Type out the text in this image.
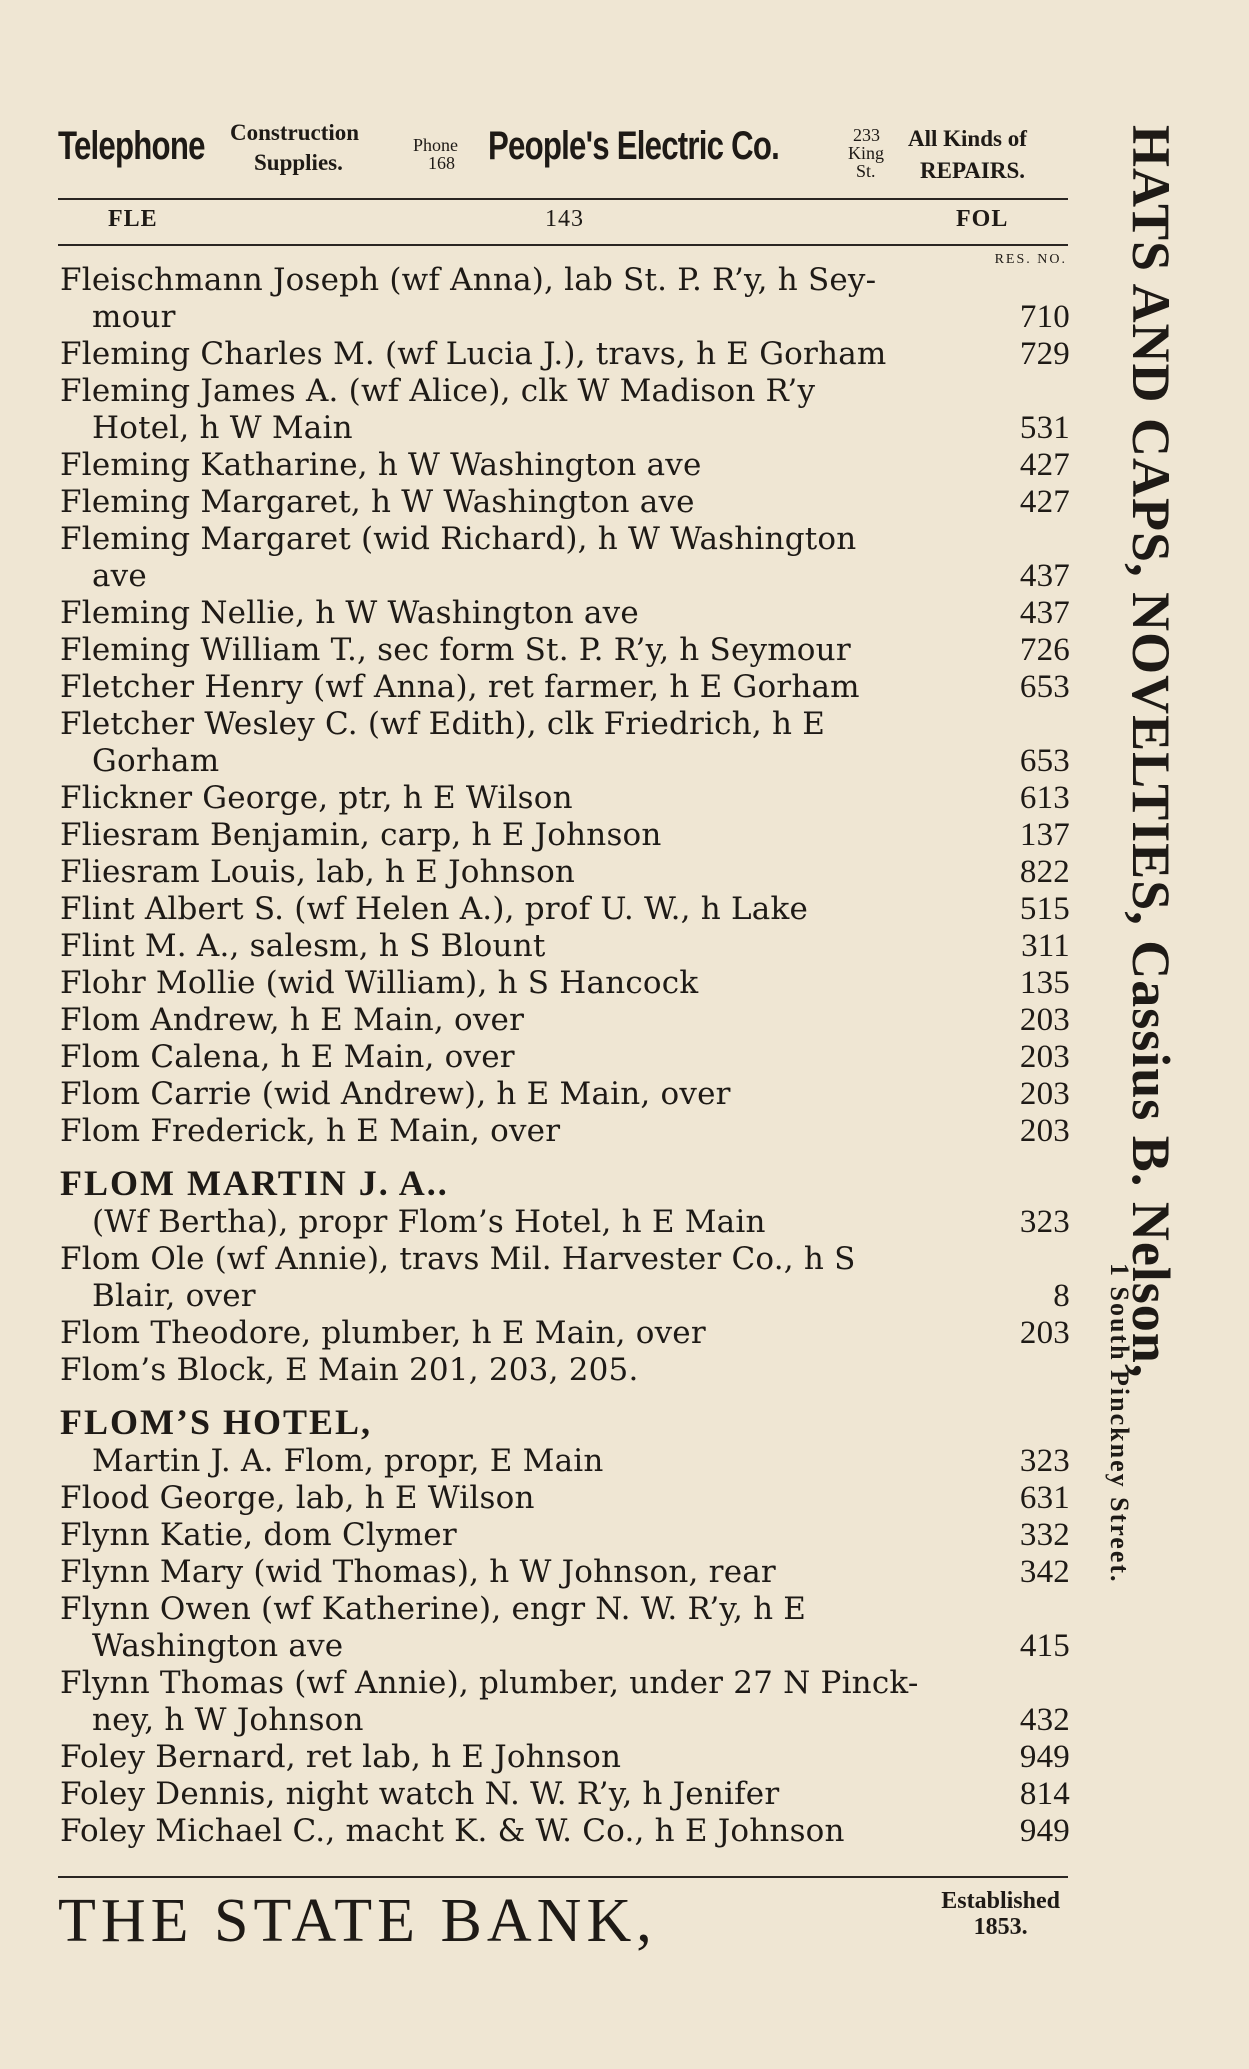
Telephone Construction
Supplies.
Phone
168 People's Electric Co.	233
King
St.
All Kinds of
REPAIRS.
FLE	143	FOL
RES. NO.
Fleischmann Joseph (wf Anna), lab St. P. R’y, h Sey-
mour	710
Fleming Charles M. (wf Lucia J.), travs, h E Gorham	729
Fleming James A. (wf Alice), clk W Madison R’y
Hotel, h W Main	531
Fleming Katharine, h W Washington ave	427
Fleming Margaret, h W Washington ave	427
Fleming Margaret (wid Richard), h W Washington
ave	437
Fleming Nellie, h W Washington ave	437
Fleming William T., sec form St. P. R’y, h Seymour	726
Fletcher Henry (wf Anna), ret farmer, h E Gorham	653
Fletcher Wesley C. (wf Edith), clk Friedrich, h E
Gorham	653
Flickner George, ptr, h E Wilson	613
Fliesram Benjamin, carp, h E Johnson	137
Fliesram Louis, lab, h E Johnson	822
Flint Albert S. (wf Helen A.), prof U. W., h Lake	515
Flint M. A., salesm, h S Blount	311
Flohr Mollie (wid William), h S Hancock	135
Flom Andrew, h E Main, over	203
Flom Calena, h E Main, over	203
Flom Carrie (wid Andrew), h E Main, over	203
Flom Frederick, h E Main, over	203
FLOM MARTIN J. A..
(Wf Bertha), propr Flom’s Hotel, h E Main	323
Flom Ole (wf Annie), travs Mil. Harvester Co., h S
Blair, over	8
Flom Theodore, plumber, h E Main, over	203
Flom’s Block, E Main 201, 203, 205.
FLOM’S HOTEL,
Martin J. A. Flom, propr, E Main	323
Flood George, lab, h E Wilson	631
Flynn Katie, dom Clymer	332
Flynn Mary (wid Thomas), h W Johnson, rear	342
Flynn Owen (wf Katherine), engr N. W. R’y, h E
Washington ave	415
Flynn Thomas (wf Annie), plumber, under 27 N Pinck-
ney, h W Johnson	432
Foley Bernard, ret lab, h E Johnson	949
Foley Dennis, night watch N. W. R’y, h Jenifer	814
Foley Michael C., macht K. & W. Co., h E Johnson	949
THE STATE BANK,	Established
1853.
HATS AND CAPS, NOVELTIES, Cassius B. Nelson,
1 South Pinckney Street.
